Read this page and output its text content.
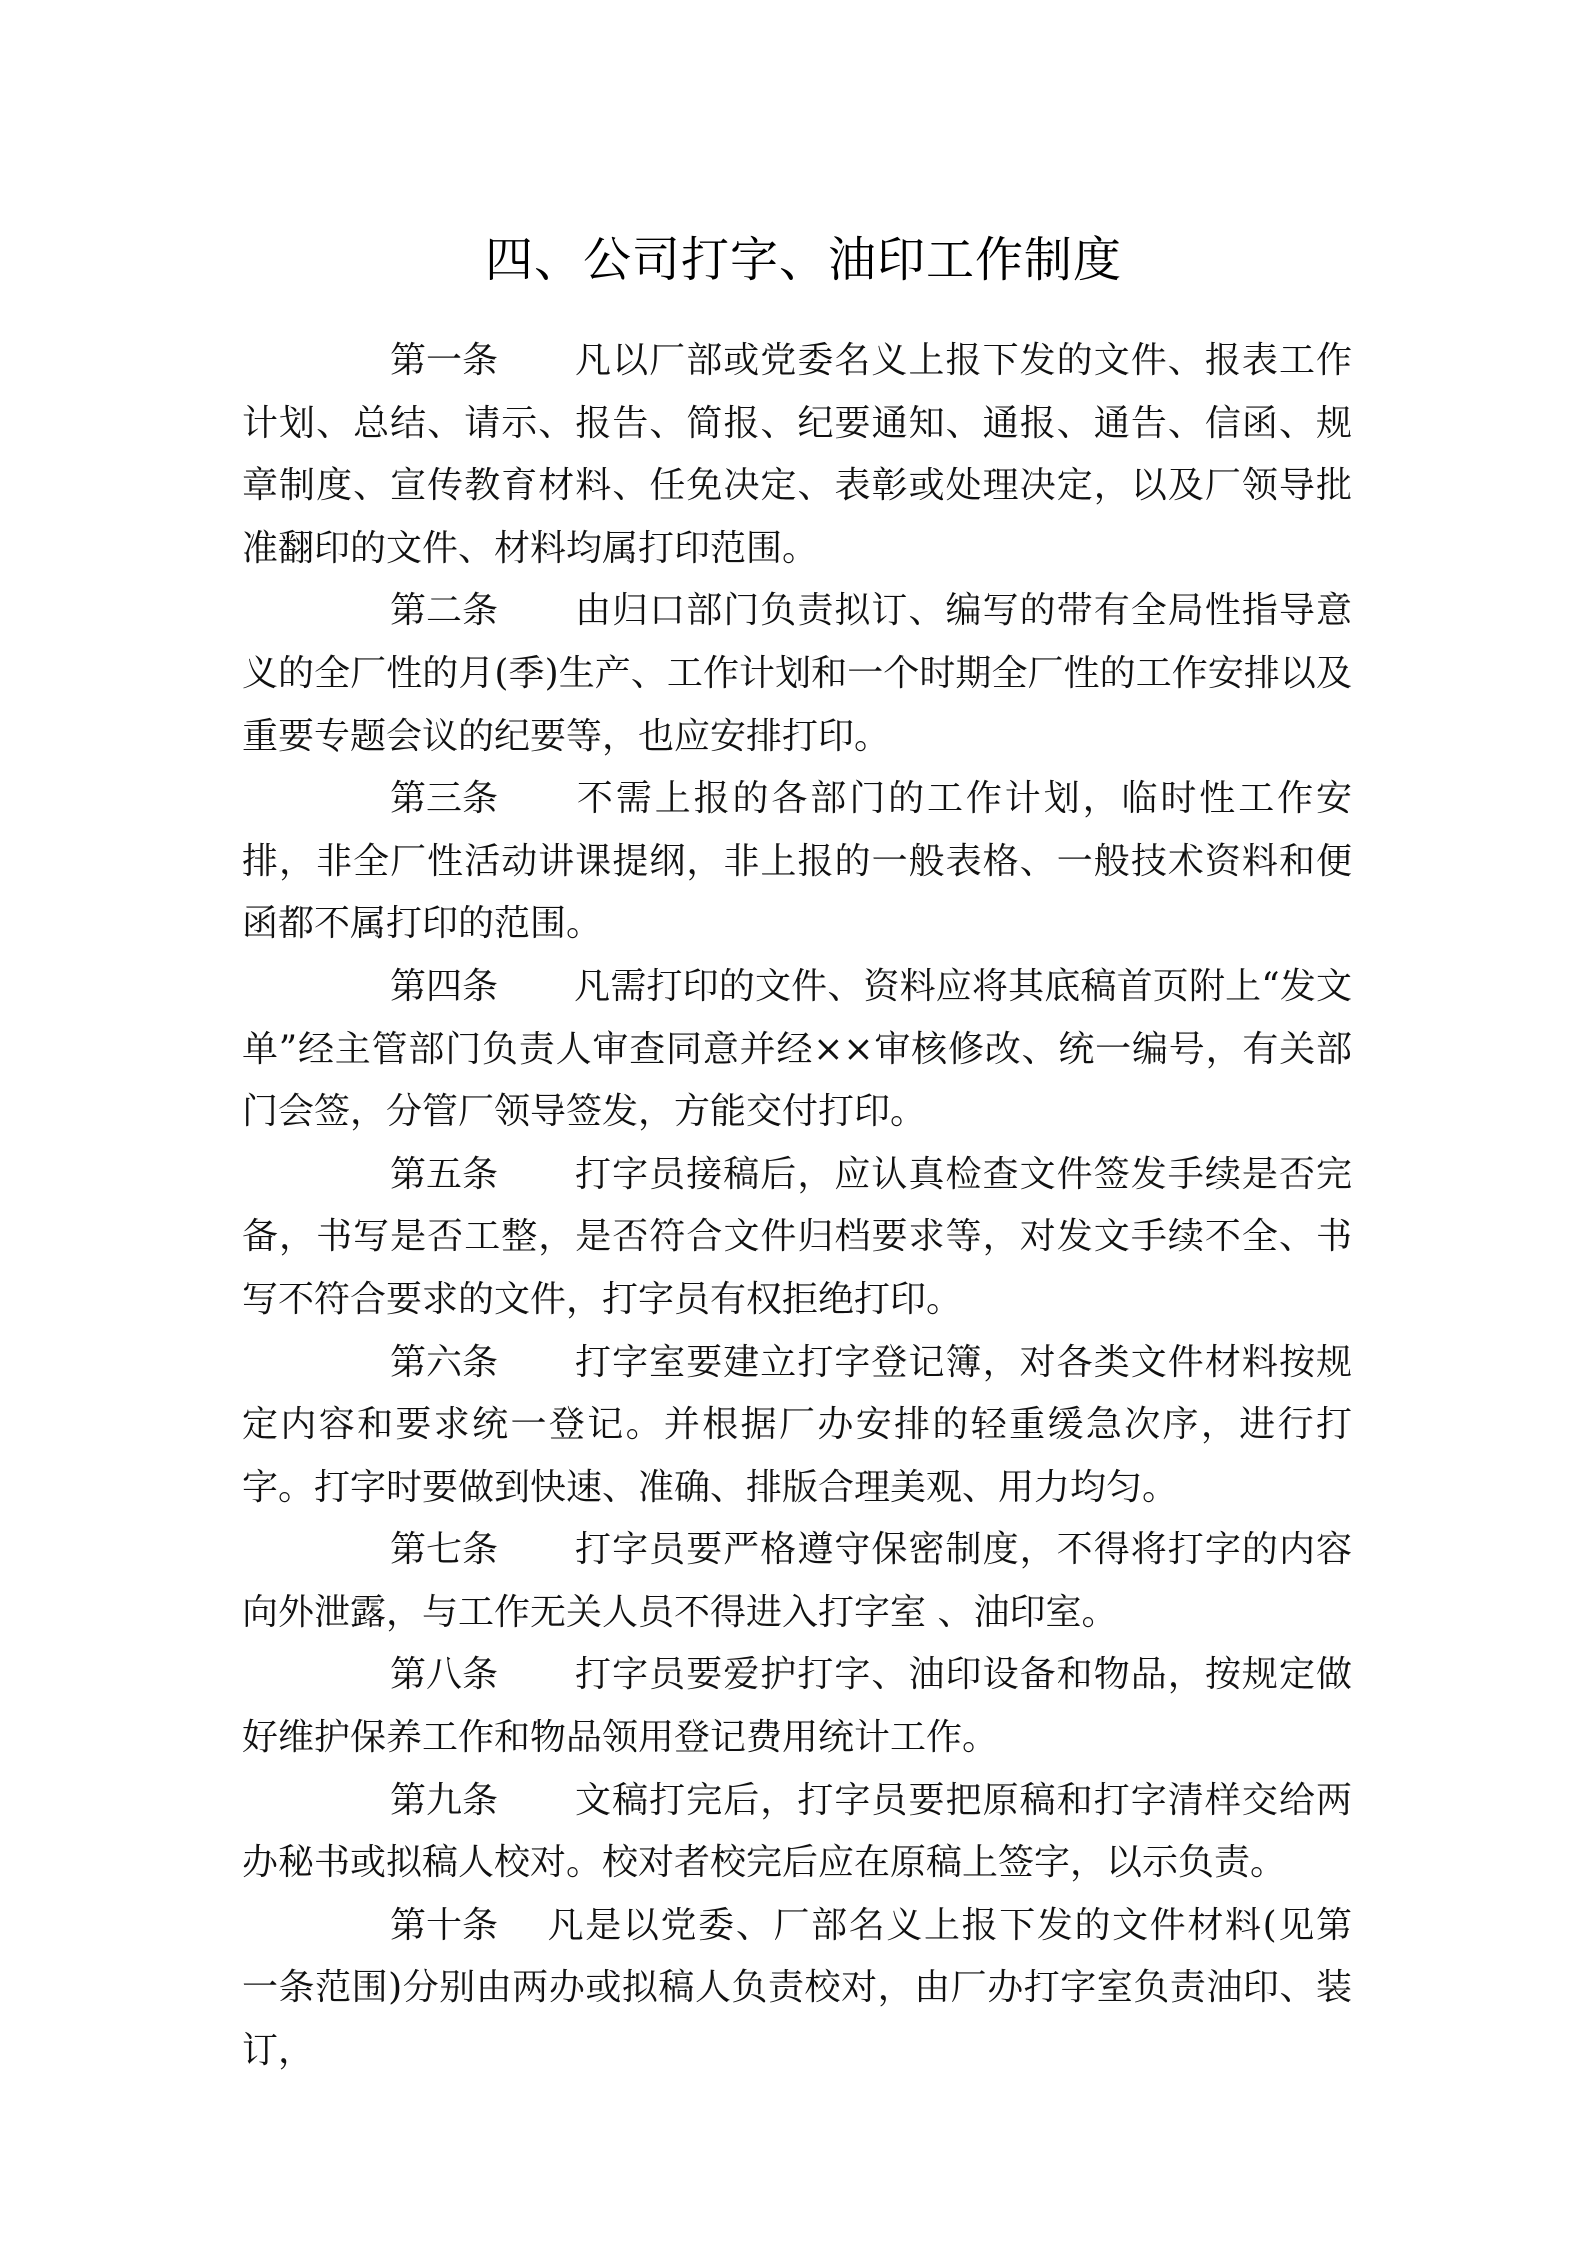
四、公司打字、油印工作制度

第一条 凡以厂部或党委名义上报下发的文件、报表工作计划、总结、请示、报告、简报、纪要通知、通报、通告、信函、规章制度、宣传教育材料、任免决定、表彰或处理决定，以及厂领导批准翻印的文件、材料均属打印范围。

第二条 由归口部门负责拟订、编写的带有全局性指导意义的全厂性的月(季)生产、工作计划和一个时期全厂性的工作安排以及重要专题会议的纪要等，也应安排打印。

第三条 不需上报的各部门的工作计划，临时性工作安排，非全厂性活动讲课提纲，非上报的一般表格、一般技术资料和便函都不属打印的范围。

第四条 凡需打印的文件、资料应将其底稿首页附上“发文单”经主管部门负责人审查同意并经××审核修改、统一编号，有关部门会签，分管厂领导签发，方能交付打印。

第五条 打字员接稿后，应认真检查文件签发手续是否完备，书写是否工整，是否符合文件归档要求等，对发文手续不全、书写不符合要求的文件，打字员有权拒绝打印。

第六条 打字室要建立打字登记簿，对各类文件材料按规定内容和要求统一登记。并根据厂办安排的轻重缓急次序，进行打字。打字时要做到快速、准确、排版合理美观、用力均匀。

第七条 打字员要严格遵守保密制度，不得将打字的内容向外泄露，与工作无关人员不得进入打字室 、油印室。

第八条 打字员要爱护打字、油印设备和物品，按规定做好维护保养工作和物品领用登记费用统计工作。

第九条 文稿打完后，打字员要把原稿和打字清样交给两办秘书或拟稿人校对。校对者校完后应在原稿上签字，以示负责。

第十条 凡是以党委、厂部名义上报下发的文件材料(见第一条范围)分别由两办或拟稿人负责校对，由厂办打字室负责油印、装订，
